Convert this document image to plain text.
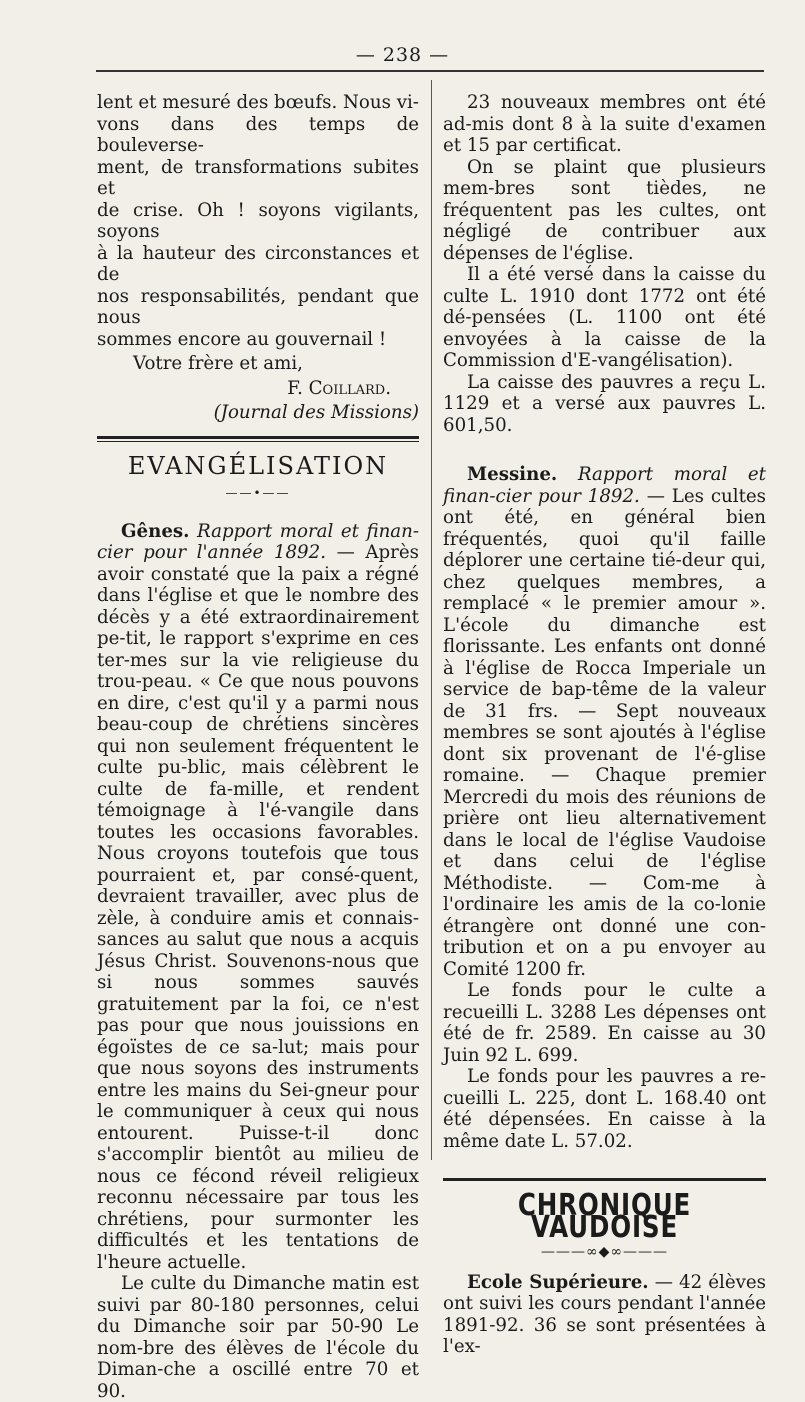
— 238 —

lent et mesuré des bœufs. Nous vi-

vons dans des temps de bouleverse-

ment, de transformations subites et

de crise. Oh ! soyons vigilants, soyons

à la hauteur des circonstances et de

nos responsabilités, pendant que nous

sommes encore au gouvernail !

Votre frère et ami,

F. Coillard.

(Journal des Missions)

EVANGÉLISATION
——•——

Gênes. Rapport moral et finan-cier pour l'année 1892. — Après avoir constaté que la paix a régné dans l'église et que le nombre des décès y a été extraordinairement pe-tit, le rapport s'exprime en ces ter-mes sur la vie religieuse du trou-peau. « Ce que nous pouvons en dire, c'est qu'il y a parmi nous beau-coup de chrétiens sincères qui non seulement fréquentent le culte pu-blic, mais célèbrent le culte de fa-mille, et rendent témoignage à l'é-vangile dans toutes les occasions favorables. Nous croyons toutefois que tous pourraient et, par consé-quent, devraient travailler, avec plus de zèle, à conduire amis et connais-sances au salut que nous a acquis Jésus Christ. Souvenons-nous que si nous sommes sauvés gratuitement par la foi, ce n'est pas pour que nous jouissions en égoïstes de ce sa-lut; mais pour que nous soyons des instruments entre les mains du Sei-gneur pour le communiquer à ceux qui nous entourent. Puisse-t-il donc s'accomplir bientôt au milieu de nous ce fécond réveil religieux reconnu nécessaire par tous les chrétiens, pour surmonter les difficultés et les tentations de l'heure actuelle.

Le culte du Dimanche matin est suivi par 80-180 personnes, celui du Dimanche soir par 50-90 Le nom-bre des élèves de l'école du Diman-che a oscillé entre 70 et 90.

23 nouveaux membres ont été ad-mis dont 8 à la suite d'examen et 15 par certificat.

On se plaint que plusieurs mem-bres sont tièdes, ne fréquentent pas les cultes, ont négligé de contribuer aux dépenses de l'église.

Il a été versé dans la caisse du culte L. 1910 dont 1772 ont été dé-pensées (L. 1100 ont été envoyées à la caisse de la Commission d'E-vangélisation).

La caisse des pauvres a reçu L. 1129 et a versé aux pauvres L. 601,50.

Messine. Rapport moral et finan-cier pour 1892. — Les cultes ont été, en général bien fréquentés, quoi qu'il faille déplorer une certaine tié-deur qui, chez quelques membres, a remplacé « le premier amour ». L'école du dimanche est florissante. Les enfants ont donné à l'église de Rocca Imperiale un service de bap-tême de la valeur de 31 frs. — Sept nouveaux membres se sont ajoutés à l'église dont six provenant de l'é-glise romaine. — Chaque premier Mercredi du mois des réunions de prière ont lieu alternativement dans le local de l'église Vaudoise et dans celui de l'église Méthodiste. — Com-me à l'ordinaire les amis de la co-lonie étrangère ont donné une con-tribution et on a pu envoyer au Comité 1200 fr.

Le fonds pour le culte a recueilli L. 3288 Les dépenses ont été de fr. 2589. En caisse au 30 Juin 92 L. 699.

Le fonds pour les pauvres a re-cueilli L. 225, dont L. 168.40 ont été dépensées. En caisse à la même date L. 57.02.

CHRONIQUE VAUDOISE
———∞◆∞———

Ecole Supérieure. — 42 élèves ont suivi les cours pendant l'année 1891-92. 36 se sont présentées à l'ex-
